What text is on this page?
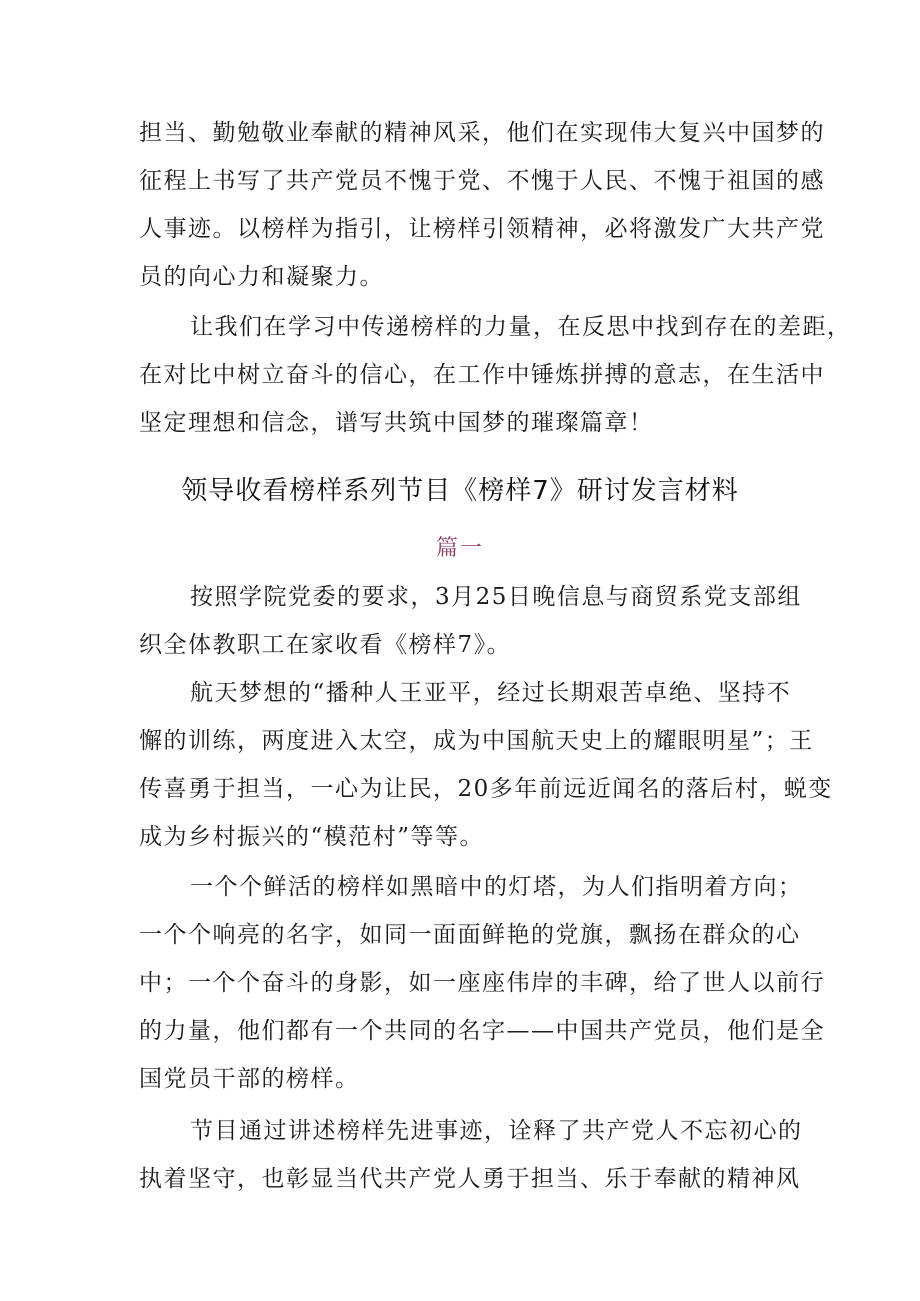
担当、勤勉敬业奉献的精神风采，他们在实现伟大复兴中国梦的

征程上书写了共产党员不愧于党、不愧于人民、不愧于祖国的感

人事迹。以榜样为指引，让榜样引领精神，必将激发广大共产党

员的向心力和凝聚力。

让我们在学习中传递榜样的力量，在反思中找到存在的差距，

在对比中树立奋斗的信心，在工作中锤炼拼搏的意志，在生活中

坚定理想和信念，谱写共筑中国梦的璀璨篇章！

领导收看榜样系列节目《榜样7》研讨发言材料
篇一

按照学院党委的要求，3月25日晚信息与商贸系党支部组

织全体教职工在家收看《榜样7》。

航天梦想的“播种人王亚平，经过长期艰苦卓绝、坚持不

懈的训练，两度进入太空，成为中国航天史上的耀眼明星”；王

传喜勇于担当，一心为让民，20多年前远近闻名的落后村，蜕变

成为乡村振兴的“模范村”等等。

一个个鲜活的榜样如黑暗中的灯塔，为人们指明着方向；

一个个响亮的名字，如同一面面鲜艳的党旗，飘扬在群众的心

中；一个个奋斗的身影，如一座座伟岸的丰碑，给了世人以前行

的力量，他们都有一个共同的名字——中国共产党员，他们是全

国党员干部的榜样。

节目通过讲述榜样先进事迹，诠释了共产党人不忘初心的

执着坚守，也彰显当代共产党人勇于担当、乐于奉献的精神风
